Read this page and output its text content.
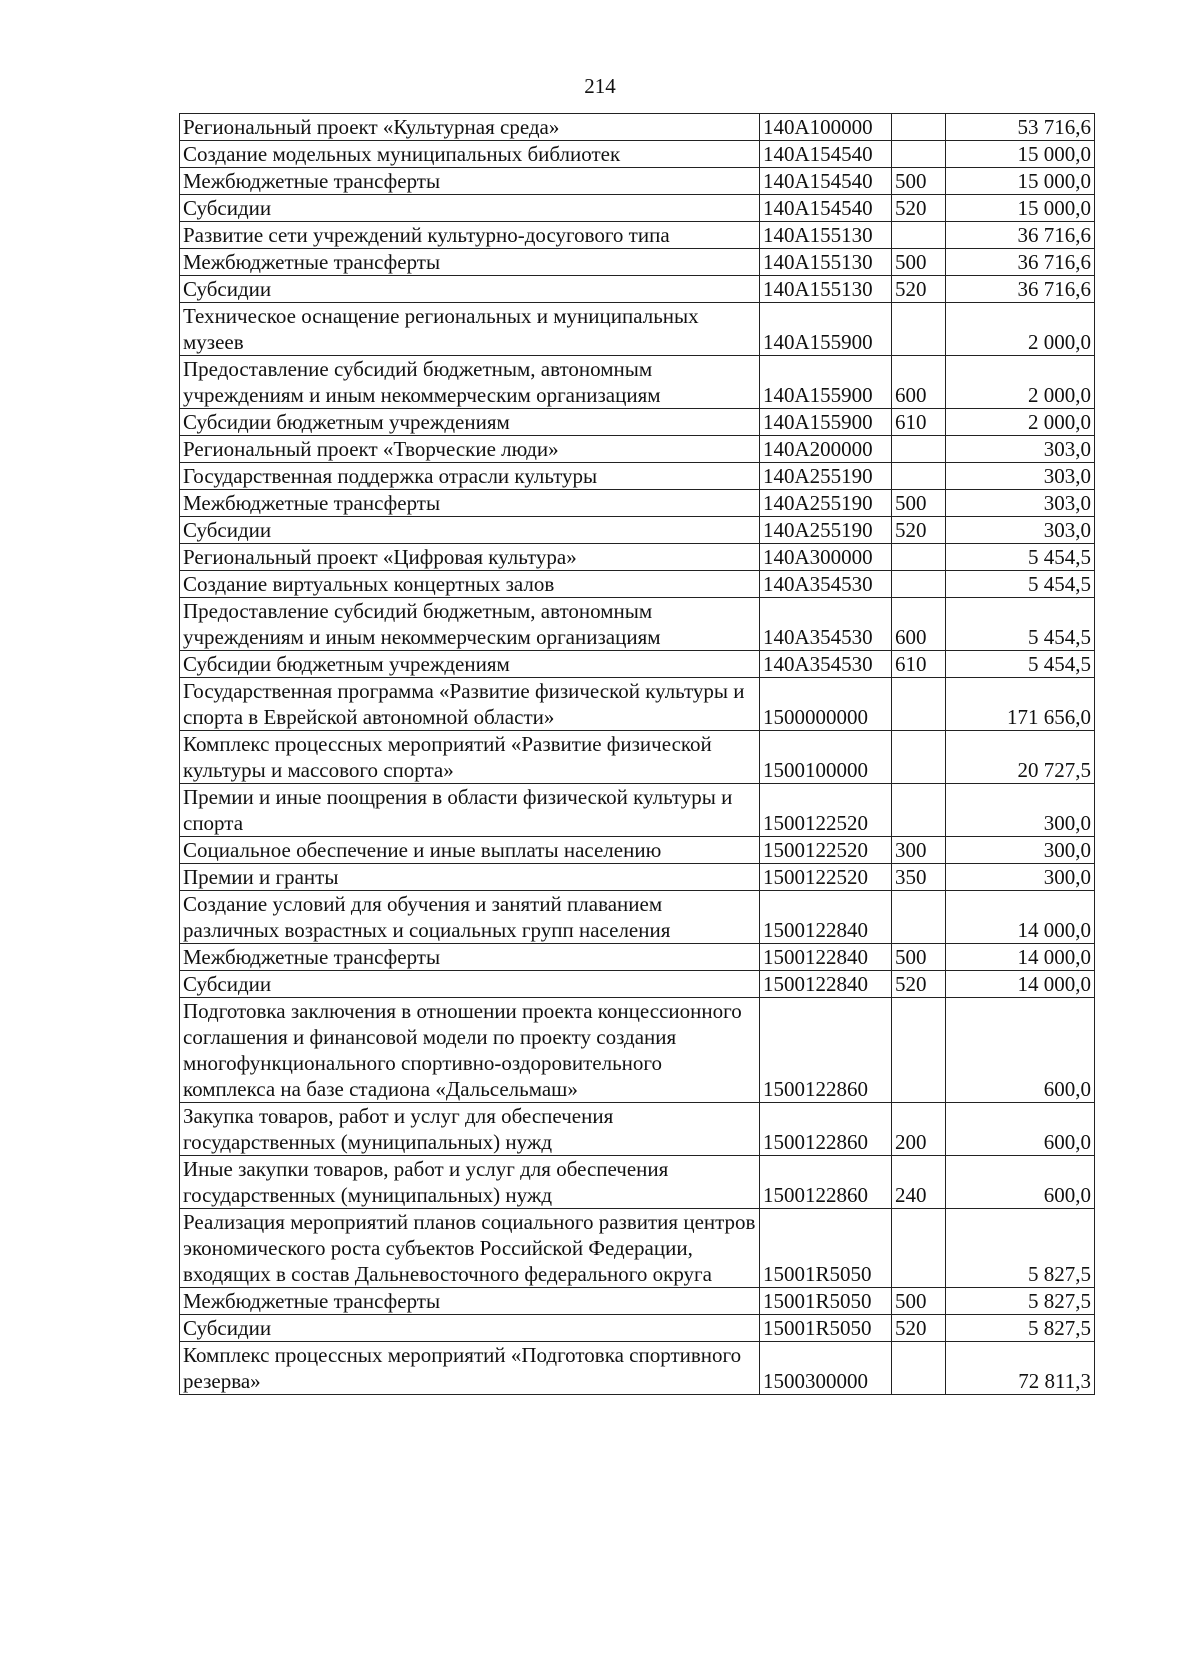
214
Региональный проект «Культурная среда»	140А100000		53 716,6
Создание модельных муниципальных библиотек	140А154540		15 000,0
Межбюджетные трансферты	140А154540	500	15 000,0
Субсидии	140А154540	520	15 000,0
Развитие сети учреждений культурно-досугового типа	140А155130		36 716,6
Межбюджетные трансферты	140А155130	500	36 716,6
Субсидии	140А155130	520	36 716,6
Техническое оснащение региональных и муниципальных музеев	140А155900		2 000,0
Предоставление субсидий бюджетным, автономным учреждениям и иным некоммерческим организациям	140А155900	600	2 000,0
Субсидии бюджетным учреждениям	140А155900	610	2 000,0
Региональный проект «Творческие люди»	140А200000		303,0
Государственная поддержка отрасли культуры	140А255190		303,0
Межбюджетные трансферты	140А255190	500	303,0
Субсидии	140А255190	520	303,0
Региональный проект «Цифровая культура»	140А300000		5 454,5
Создание виртуальных концертных залов	140А354530		5 454,5
Предоставление субсидий бюджетным, автономным учреждениям и иным некоммерческим организациям	140А354530	600	5 454,5
Субсидии бюджетным учреждениям	140А354530	610	5 454,5
Государственная программа «Развитие физической культуры и спорта в Еврейской автономной области»	1500000000		171 656,0
Комплекс процессных мероприятий «Развитие физической культуры и массового спорта»	1500100000		20 727,5
Премии и иные поощрения в области физической культуры и спорта	1500122520		300,0
Социальное обеспечение и иные выплаты населению	1500122520	300	300,0
Премии и гранты	1500122520	350	300,0
Создание условий для обучения и занятий плаванием различных возрастных и социальных групп населения	1500122840		14 000,0
Межбюджетные трансферты	1500122840	500	14 000,0
Субсидии	1500122840	520	14 000,0
Подготовка заключения в отношении проекта концессионного соглашения и финансовой модели по проекту создания многофункционального спортивно-оздоровительного комплекса на базе стадиона «Дальсельмаш»	1500122860		600,0
Закупка товаров, работ и услуг для обеспечения государственных (муниципальных) нужд	1500122860	200	600,0
Иные закупки товаров, работ и услуг для обеспечения государственных (муниципальных) нужд	1500122860	240	600,0
Реализация мероприятий планов социального развития центров экономического роста субъектов Российской Федерации, входящих в состав Дальневосточного федерального округа	15001R5050		5 827,5
Межбюджетные трансферты	15001R5050	500	5 827,5
Субсидии	15001R5050	520	5 827,5
Комплекс процессных мероприятий «Подготовка спортивного резерва»	1500300000		72 811,3
